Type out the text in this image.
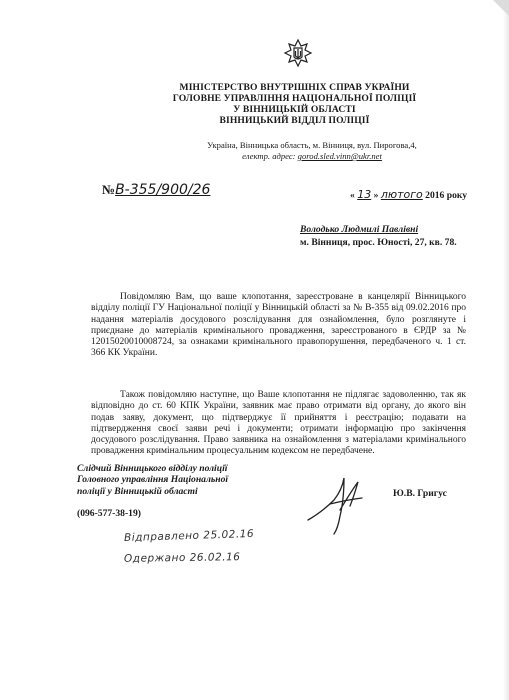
МІНІСТЕРСТВО ВНУТРІШНІХ СПРАВ УКРАЇНИ
ГОЛОВНЕ УПРАВЛІННЯ НАЦІОНАЛЬНОЇ ПОЛІЦІЇ
У ВІННИЦЬКІЙ ОБЛАСТІ
ВІННИЦЬКИЙ ВІДДІЛ ПОЛІЦІЇ
Україна, Вінницька область, м. Вінниця, вул. Пирогова,4,
електр. адрес: gorod.sled.vinn@ukr.net
№В-355/900/26	« 13 » лютого 2016 року
Волoдько Людмилі Павлівні
м. Вінниця, прос. Юності, 27, кв. 78.
Повідомляю Вам, що ваше клопотання, зареєстроване в канцелярії Вінницького відділу поліції ГУ Національної поліції у Вінницькій області за № В-355 від 09.02.2016 про надання матеріалів досудового розслідування для ознайомлення, було розглянуте і приєднане до матеріалів кримінального провадження, зареєстрованого в ЄРДР за № 12015020010008724, за ознаками кримінального правопорушення, передбаченого ч. 1 ст. 366 КК України.
Також повідомляю наступне, що Ваше клопотання не підлягає задоволенню, так як відповідно до ст. 60 КПК України, заявник має право отримати від органу, до якого він подав заяву, документ, що підтверджує її прийняття і реєстрацію; подавати на підтвердження своєї заяви речі і документи; отримати інформацію про закінчення досудового розслідування. Право заявника на ознайомлення з матеріалами кримінального провадження кримінальним процесуальним кодексом не передбачене.
Слідчий Вінницького відділу поліції
Головного управління Національної
поліції у Вінницькій області
(096-577-38-19)
Ю.В. Григус
Відправлено 25.02.16
Одержано 26.02.16
